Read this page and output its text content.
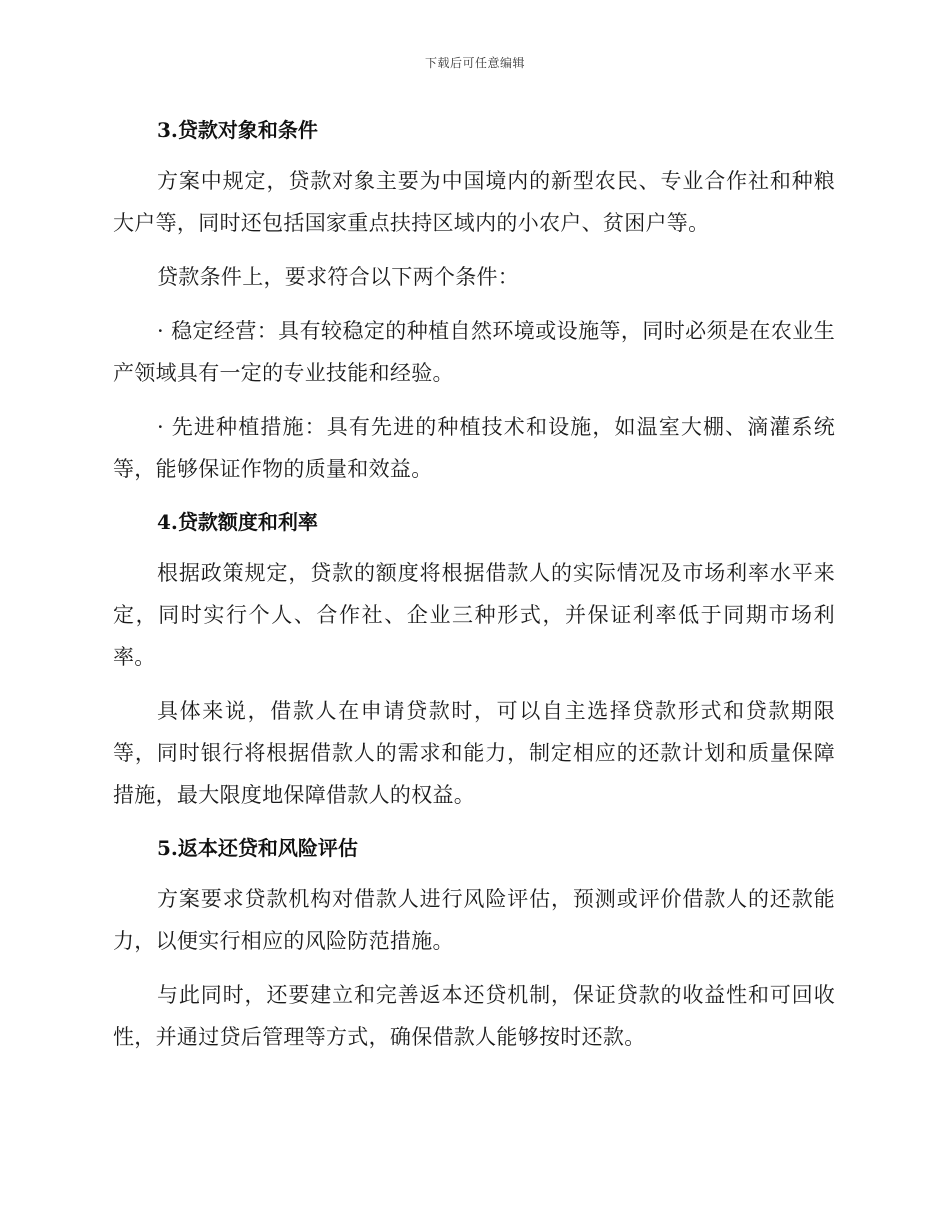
下载后可任意编辑
3.贷款对象和条件

方案中规定，贷款对象主要为中国境内的新型农民、专业合作社和种粮大户等，同时还包括国家重点扶持区域内的小农户、贫困户等。

贷款条件上，要求符合以下两个条件：

· 稳定经营：具有较稳定的种植自然环境或设施等，同时必须是在农业生产领域具有一定的专业技能和经验。

· 先进种植措施：具有先进的种植技术和设施，如温室大棚、滴灌系统等，能够保证作物的质量和效益。

4.贷款额度和利率

根据政策规定，贷款的额度将根据借款人的实际情况及市场利率水平来定，同时实行个人、合作社、企业三种形式，并保证利率低于同期市场利率。

具体来说，借款人在申请贷款时，可以自主选择贷款形式和贷款期限等，同时银行将根据借款人的需求和能力，制定相应的还款计划和质量保障措施，最大限度地保障借款人的权益。

5.返本还贷和风险评估

方案要求贷款机构对借款人进行风险评估，预测或评价借款人的还款能力，以便实行相应的风险防范措施。

与此同时，还要建立和完善返本还贷机制，保证贷款的收益性和可回收性，并通过贷后管理等方式，确保借款人能够按时还款。
